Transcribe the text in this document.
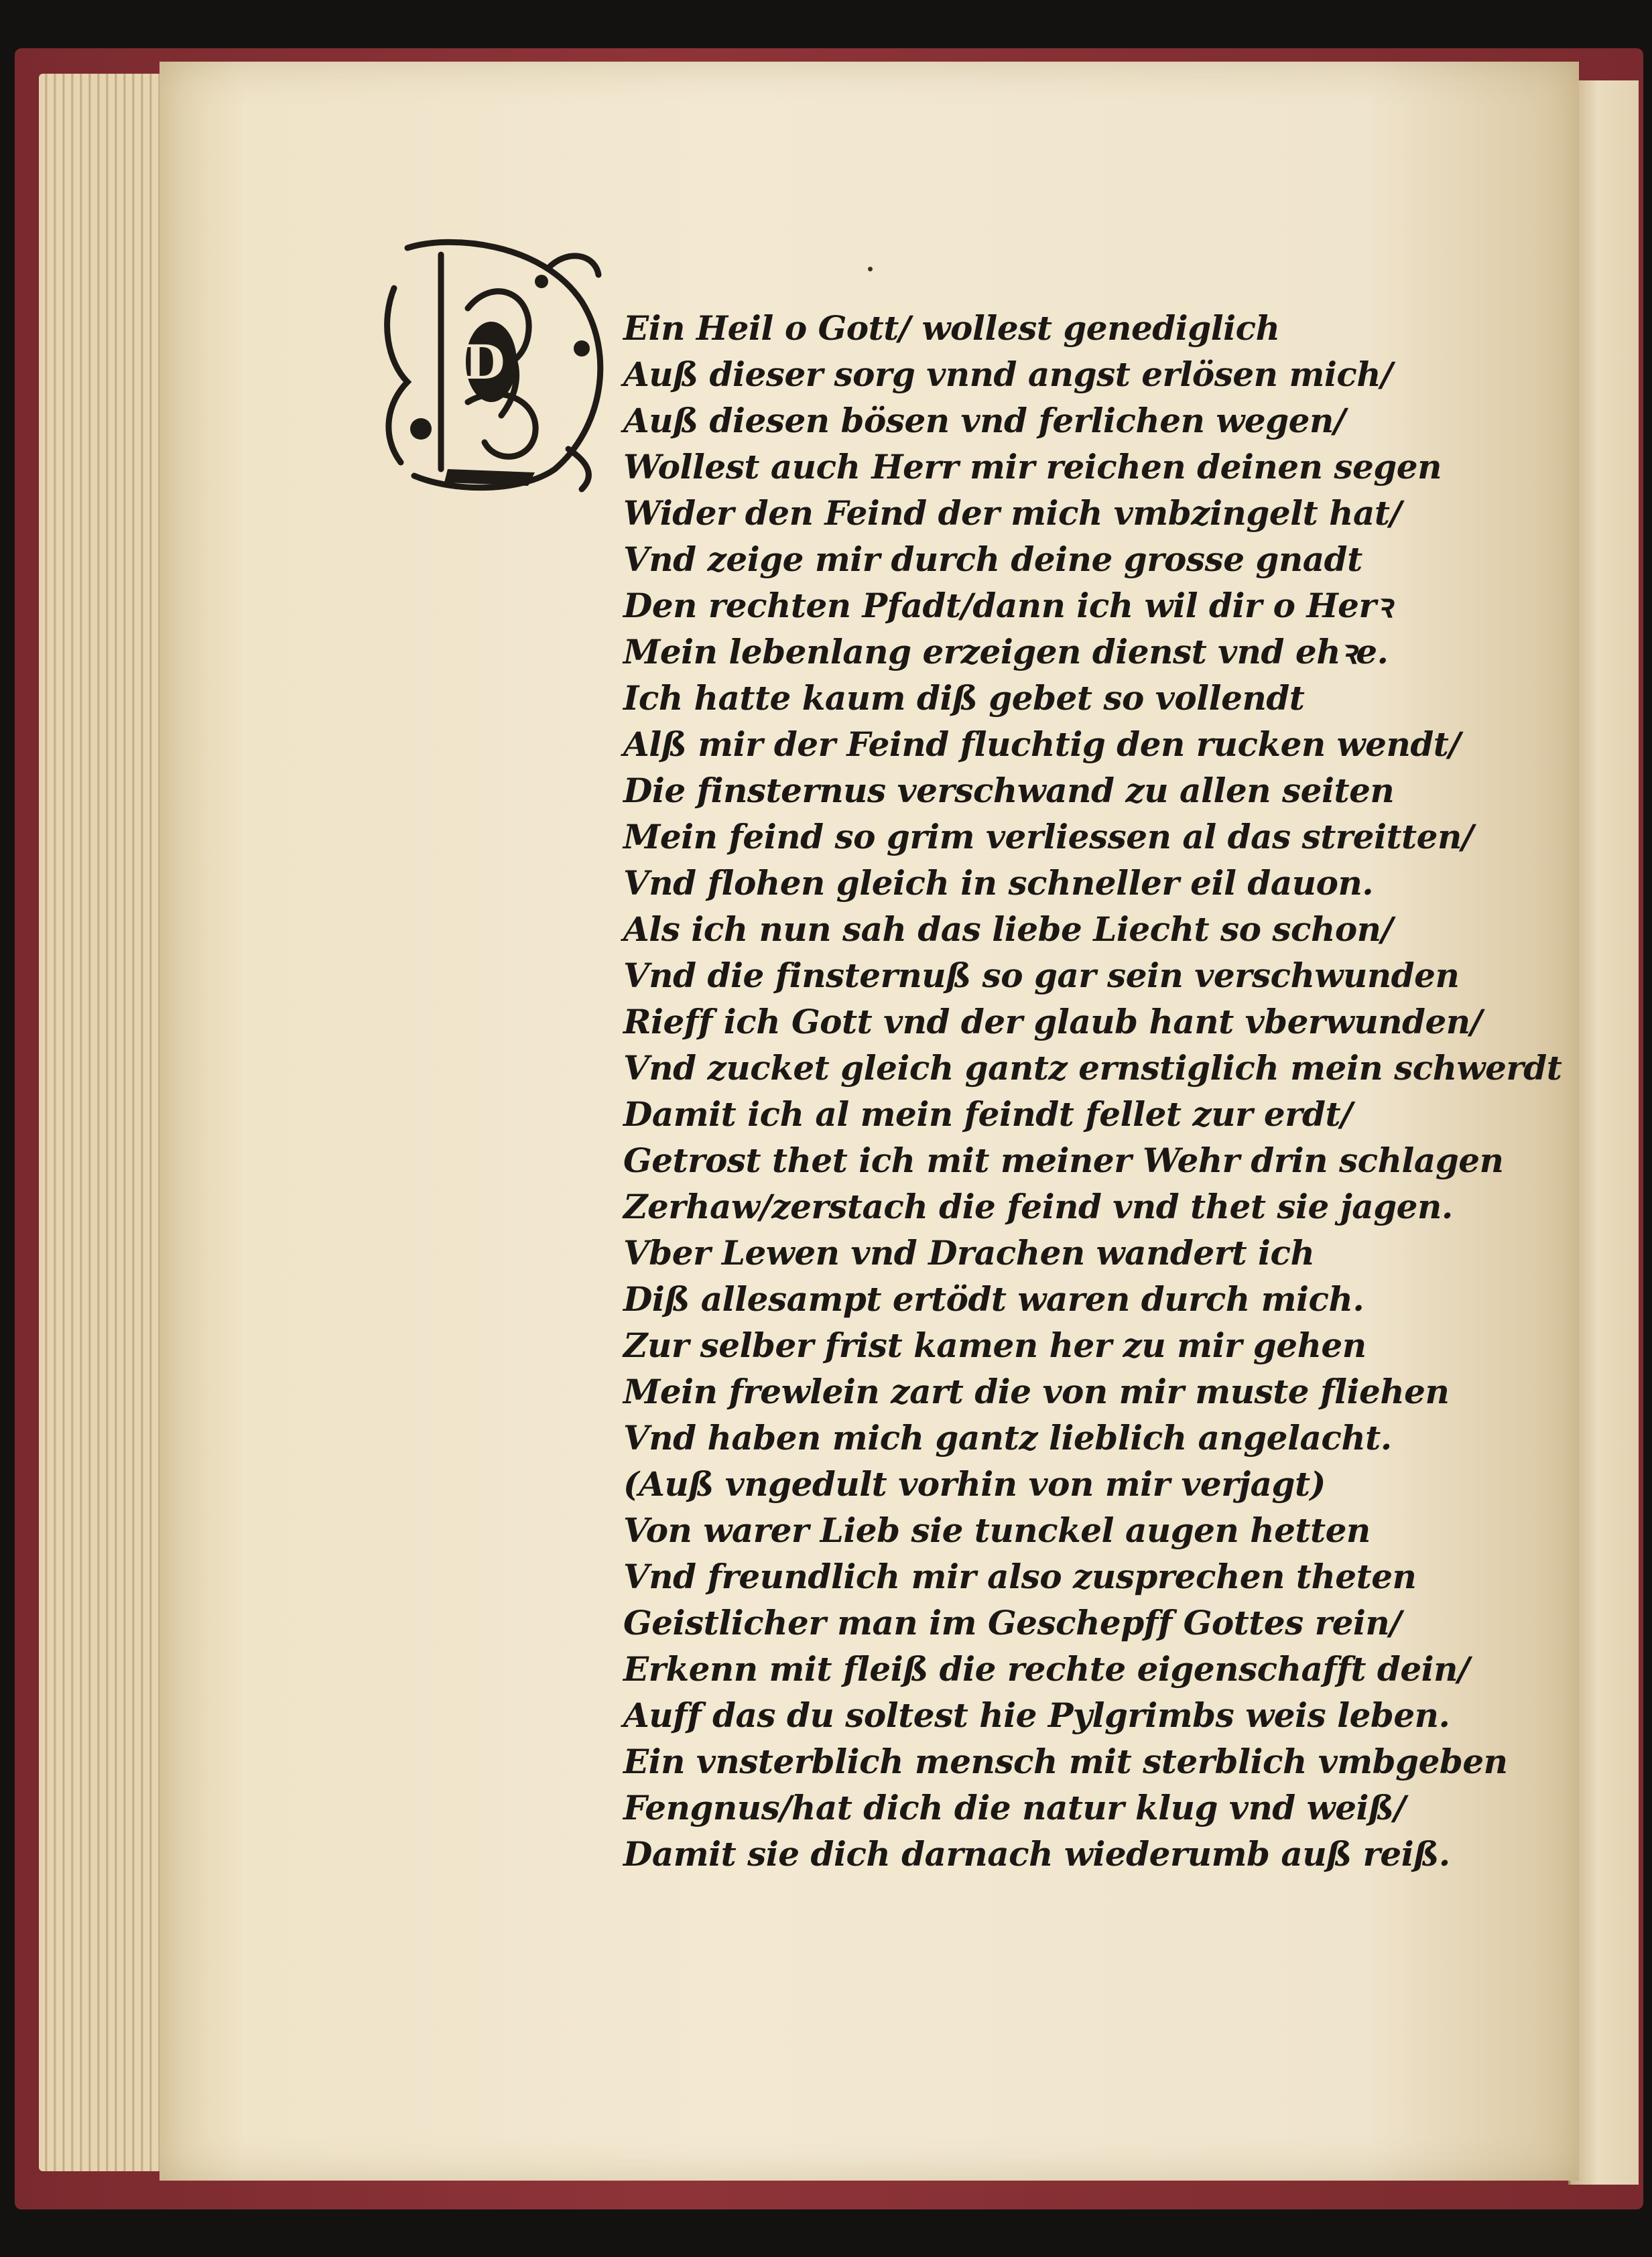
D
Ein Heil o Gott/ wollest genediglich
Auß dieser sorg vnnd angst erlösen mich/
Auß diesen bösen vnd ferlichen wegen/
Wollest auch Herr mir reichen deinen segen
Wider den Feind der mich vmbzingelt hat/
Vnd zeige mir durch deine grosse gnadt
Den rechten Pfadt/dann ich wil dir o Herꝛ
Mein lebenlang erzeigen dienst vnd ehꝛe.
Ich hatte kaum diß gebet so vollendt
Alß mir der Feind fluchtig den rucken wendt/
Die finsternus verschwand zu allen seiten
Mein feind so grim verliessen al das streitten/
Vnd flohen gleich in schneller eil dauon.
Als ich nun sah das liebe Liecht so schon/
Vnd die finsternuß so gar sein verschwunden
Rieff ich Gott vnd der glaub hant vberwunden/
Vnd zucket gleich gantz ernstiglich mein schwerdt
Damit ich al mein feindt fellet zur erdt/
Getrost thet ich mit meiner Wehr drin schlagen
Zerhaw/zerstach die feind vnd thet sie jagen.
Vber Lewen vnd Drachen wandert ich
Diß allesampt ertödt waren durch mich.
Zur selber frist kamen her zu mir gehen
Mein frewlein zart die von mir muste fliehen
Vnd haben mich gantz lieblich angelacht.
(Auß vngedult vorhin von mir verjagt)
Von warer Lieb sie tunckel augen hetten
Vnd freundlich mir also zusprechen theten
Geistlicher man im Geschepff Gottes rein/
Erkenn mit fleiß die rechte eigenschafft dein/
Auff das du soltest hie Pylgrimbs weis leben.
Ein vnsterblich mensch mit sterblich vmbgeben
Fengnus/hat dich die natur klug vnd weiß/
Damit sie dich darnach wiederumb auß reiß.
